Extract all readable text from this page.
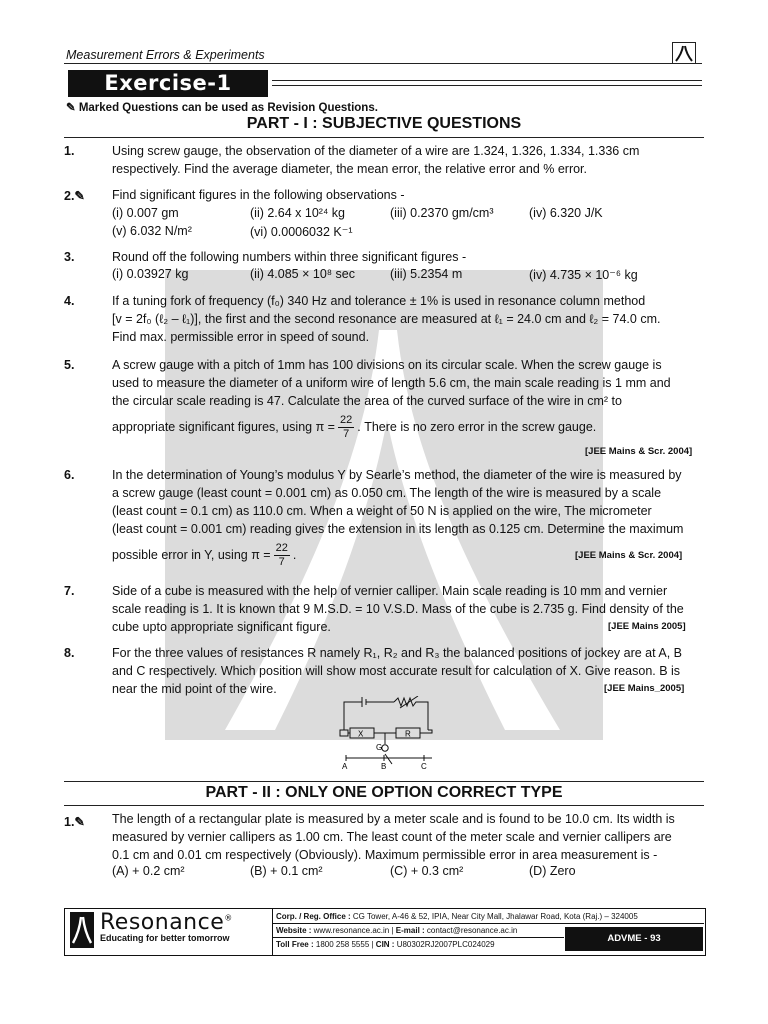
Measurement Errors & Experiments
Exercise-1
✎ Marked Questions can be used as Revision Questions.
PART - I : SUBJECTIVE QUESTIONS
1.	Using screw gauge, the observation of the diameter of a wire are 1.324, 1.326, 1.334, 1.336 cm
respectively. Find the average diameter, the mean error, the relative error and % error.
2.✎	Find significant figures in the following observations -
(i) 0.007 gm	(ii) 2.64 x 10²⁴ kg	(iii) 0.2370 gm/cm³	(iv) 6.320 J/K
(v) 6.032 N/m²	(vi) 0.0006032 K⁻¹
3.	Round off the following numbers within three significant figures -
(i) 0.03927 kg	(ii) 4.085 × 10⁸ sec	(iii) 5.2354 m	(iv) 4.735 × 10⁻⁶ kg
4.	If a tuning fork of frequency (f₀) 340 Hz and tolerance ± 1% is used in resonance column method
[v = 2f₀ (ℓ₂ – ℓ₁)], the first and the second resonance are measured at ℓ₁ = 24.0 cm and ℓ₂ = 74.0 cm.
Find max. permissible error in speed of sound.
5.	A screw gauge with a pitch of 1mm has 100 divisions on its circular scale. When the screw gauge is
used to measure the diameter of a uniform wire of length 5.6 cm, the main scale reading is 1 mm and
the circular scale reading is 47. Calculate the area of the curved surface of the wire in cm² to
appropriate significant figures, using $\pi = \frac{22}{7}$ . There is no zero error in the screw gauge.
[JEE Mains & Scr. 2004]
6.	In the determination of Young’s modulus Y by Searle’s method, the diameter of the wire is measured by
a screw gauge (least count = 0.001 cm) as 0.050 cm. The length of the wire is measured by a scale
(least count = 0.1 cm) as 110.0 cm. When a weight of 50 N is applied on the wire, The micrometer
(least count = 0.001 cm) reading gives the extension in its length as 0.125 cm. Determine the maximum
possible error in Y, using $\pi = \frac{22}{7}$ .	[JEE Mains & Scr. 2004]
7.	Side of a cube is measured with the help of vernier calliper. Main scale reading is 10 mm and vernier
scale reading is 1. It is known that 9 M.S.D. = 10 V.S.D. Mass of the cube is 2.735 g. Find density of the
cube upto appropriate significant figure.	[JEE Mains 2005]
8.	For the three values of resistances R namely R₁, R₂ and R₃ the balanced positions of jockey are at A, B
and C respectively. Which position will show most accurate result for calculation of X. Give reason. B is
near the mid point of the wire.	[JEE Mains_2005]
X	R
G
A	B	C
PART - II : ONLY ONE OPTION CORRECT TYPE
1.✎	The length of a rectangular plate is measured by a meter scale and is found to be 10.0 cm. Its width is
measured by vernier callipers as 1.00 cm. The least count of the meter scale and vernier callipers are
0.1 cm and 0.01 cm respectively (Obviously). Maximum permissible error in area measurement is -
(A) + 0.2 cm²	(B) + 0.1 cm²	(C) + 0.3 cm²	(D) Zero
Resonance®
Educating for better tomorrow
Corp. / Reg. Office : CG Tower, A-46 & 52, IPIA, Near City Mall, Jhalawar Road, Kota (Raj.) – 324005
Website : www.resonance.ac.in | E-mail : contact@resonance.ac.in
Toll Free : 1800 258 5555 | CIN : U80302RJ2007PLC024029
ADVME - 93
